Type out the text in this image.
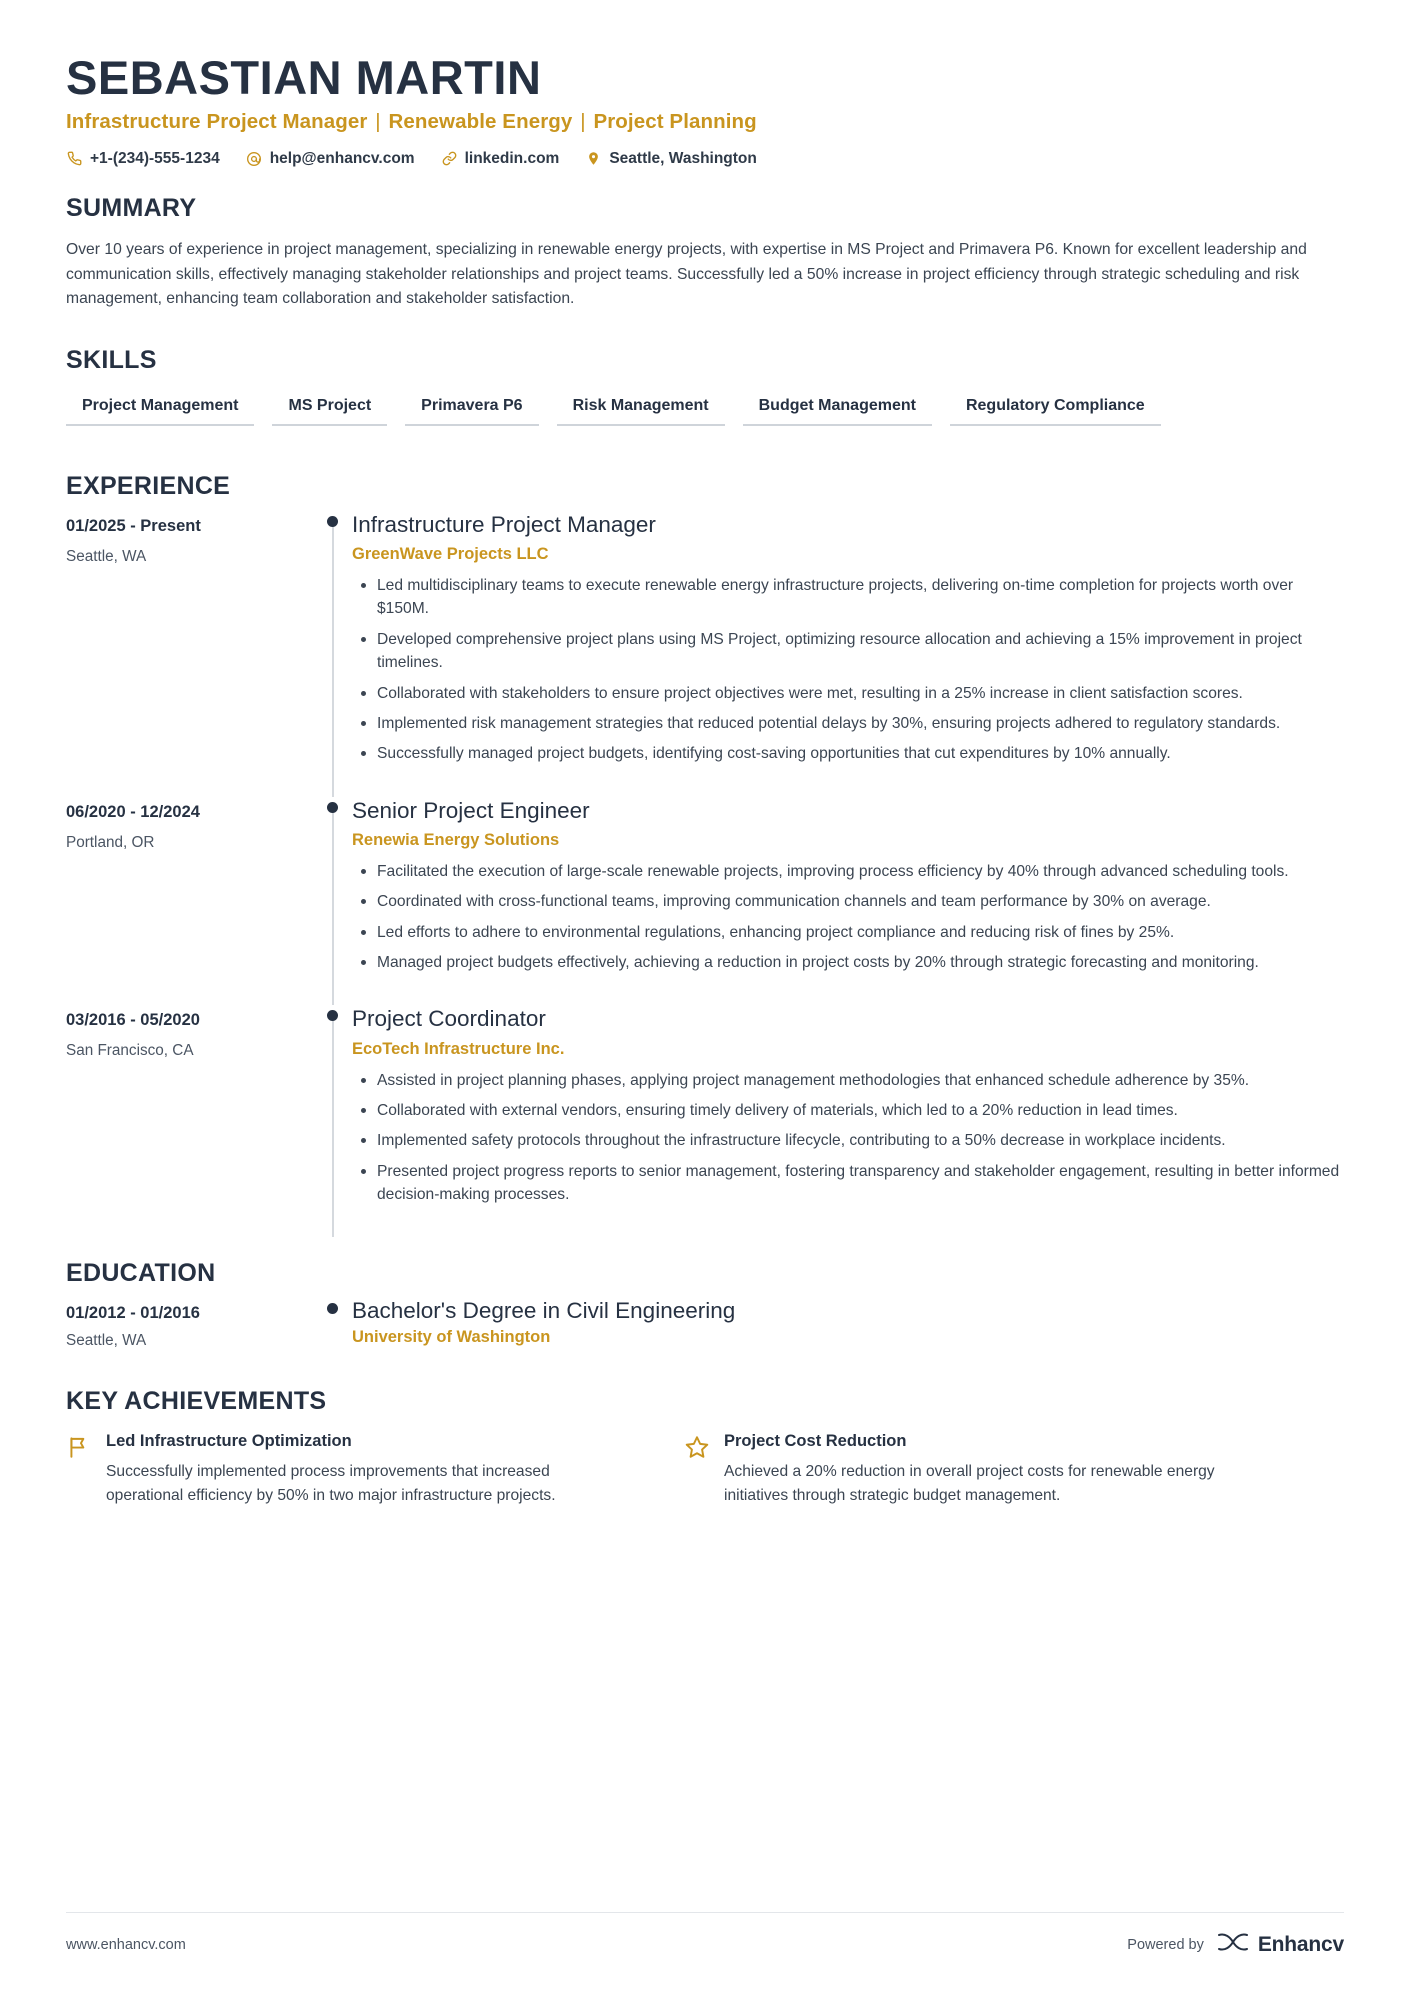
SEBASTIAN MARTIN
Infrastructure Project Manager | Renewable Energy | Project Planning
+1-(234)-555-1234	help@enhancv.com	linkedin.com	Seattle, Washington
SUMMARY

Over 10 years of experience in project management, specializing in renewable energy projects, with expertise in MS Project and Primavera P6. Known for excellent leadership and communication skills, effectively managing stakeholder relationships and project teams. Successfully led a 50% increase in project efficiency through strategic scheduling and risk management, enhancing team collaboration and stakeholder satisfaction.

SKILLS
Project Management	MS Project	Primavera P6	Risk Management	Budget Management	Regulatory Compliance
EXPERIENCE
01/2025 - Present
Seattle, WA
Infrastructure Project Manager
GreenWave Projects LLC
Led multidisciplinary teams to execute renewable energy infrastructure projects, delivering on-time completion for projects worth over $150M.
Developed comprehensive project plans using MS Project, optimizing resource allocation and achieving a 15% improvement in project timelines.
Collaborated with stakeholders to ensure project objectives were met, resulting in a 25% increase in client satisfaction scores.
Implemented risk management strategies that reduced potential delays by 30%, ensuring projects adhered to regulatory standards.
Successfully managed project budgets, identifying cost-saving opportunities that cut expenditures by 10% annually.
06/2020 - 12/2024
Portland, OR
Senior Project Engineer
Renewia Energy Solutions
Facilitated the execution of large-scale renewable projects, improving process efficiency by 40% through advanced scheduling tools.
Coordinated with cross-functional teams, improving communication channels and team performance by 30% on average.
Led efforts to adhere to environmental regulations, enhancing project compliance and reducing risk of fines by 25%.
Managed project budgets effectively, achieving a reduction in project costs by 20% through strategic forecasting and monitoring.
03/2016 - 05/2020
San Francisco, CA
Project Coordinator
EcoTech Infrastructure Inc.
Assisted in project planning phases, applying project management methodologies that enhanced schedule adherence by 35%.
Collaborated with external vendors, ensuring timely delivery of materials, which led to a 20% reduction in lead times.
Implemented safety protocols throughout the infrastructure lifecycle, contributing to a 50% decrease in workplace incidents.
Presented project progress reports to senior management, fostering transparency and stakeholder engagement, resulting in better informed decision-making processes.
EDUCATION
01/2012 - 01/2016
Seattle, WA
Bachelor's Degree in Civil Engineering
University of Washington
KEY ACHIEVEMENTS
Led Infrastructure Optimization
Successfully implemented process improvements that increased operational efficiency by 50% in two major infrastructure projects.
Project Cost Reduction
Achieved a 20% reduction in overall project costs for renewable energy initiatives through strategic budget management.
www.enhancv.com	Powered by	Enhancv
